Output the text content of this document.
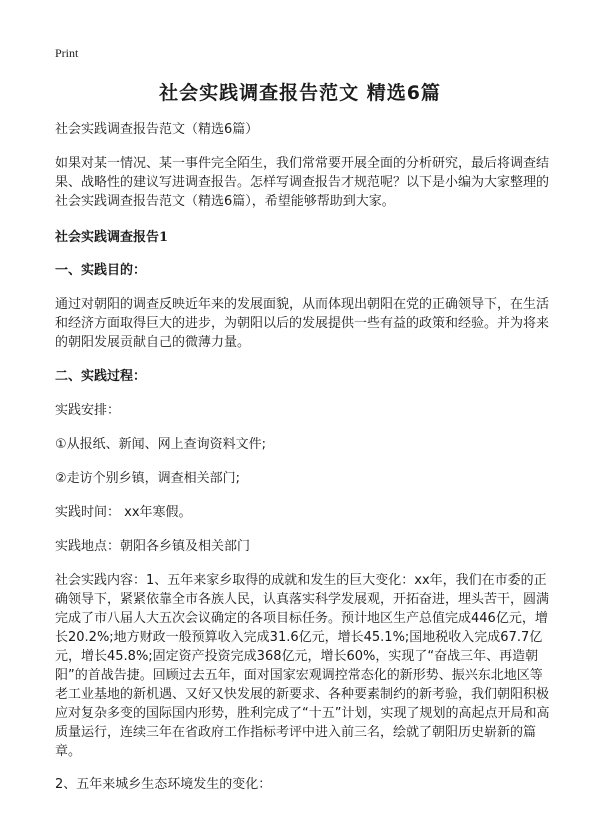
Print
社会实践调查报告范文 精选6篇

社会实践调查报告范文（精选6篇）

如果对某一情况、某一事件完全陌生，我们常常要开展全面的分析研究，最后将调查结果、战略性的建议写进调查报告。怎样写调查报告才规范呢？以下是小编为大家整理的社会实践调查报告范文（精选6篇），希望能够帮助到大家。

社会实践调查报告1

一、实践目的：

通过对朝阳的调查反映近年来的发展面貌，从而体现出朝阳在党的正确领导下，在生活和经济方面取得巨大的进步，为朝阳以后的发展提供一些有益的政策和经验。并为将来的朝阳发展贡献自己的微薄力量。

二、实践过程：

实践安排：

①从报纸、新闻、网上查询资料文件;

②走访个别乡镇，调查相关部门;

实践时间： xx年寒假。

实践地点：朝阳各乡镇及相关部门

社会实践内容：1、五年来家乡取得的成就和发生的巨大变化：xx年，我们在市委的正确领导下，紧紧依靠全市各族人民，认真落实科学发展观，开拓奋进，埋头苦干，圆满完成了市八届人大五次会议确定的各项目标任务。预计地区生产总值完成446亿元，增长20.2%;地方财政一般预算收入完成31.6亿元，增长45.1%;国地税收入完成67.7亿元，增长45.8%;固定资产投资完成368亿元，增长60%，实现了“奋战三年、再造朝阳”的首战告捷。回顾过去五年，面对国家宏观调控常态化的新形势、振兴东北地区等老工业基地的新机遇、又好又快发展的新要求、各种要素制约的新考验，我们朝阳积极应对复杂多变的国际国内形势，胜利完成了“十五”计划，实现了规划的高起点开局和高质量运行，连续三年在省政府工作指标考评中进入前三名，绘就了朝阳历史崭新的篇章。

2、五年来城乡生态环境发生的变化：
